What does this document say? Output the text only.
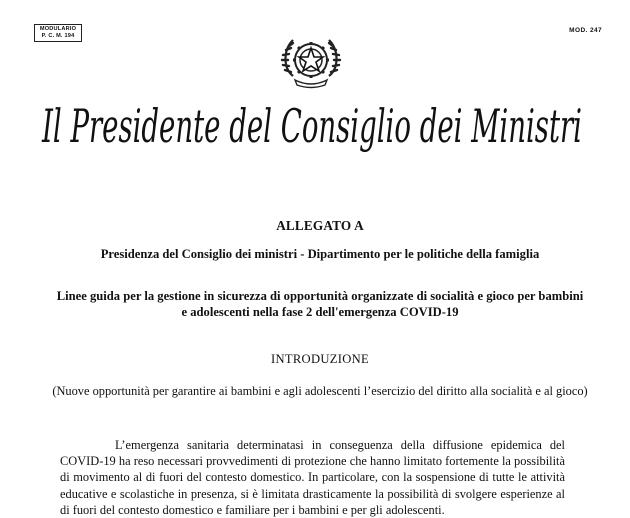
MODULARIO
P. C. M. 194
MOD. 247
Il Presidente del Consiglio dei Ministri
ALLEGATO A
Presidenza del Consiglio dei ministri - Dipartimento per le politiche della famiglia
Linee guida per la gestione in sicurezza di opportunità organizzate di socialità e gioco per bambini e adolescenti nella fase 2 dell'emergenza COVID-19
INTRODUZIONE
(Nuove opportunità per garantire ai bambini e agli adolescenti l’esercizio del diritto alla socialità e al gioco)
L’emergenza sanitaria determinatasi in conseguenza della diffusione epidemica del COVID-19 ha reso necessari provvedimenti di protezione che hanno limitato fortemente la possibilità di movimento al di fuori del contesto domestico. In particolare, con la sospensione di tutte le attività educative e scolastiche in presenza, si è limitata drasticamente la possibilità di svolgere esperienze al di fuori del contesto domestico e familiare per i bambini e per gli adolescenti.
